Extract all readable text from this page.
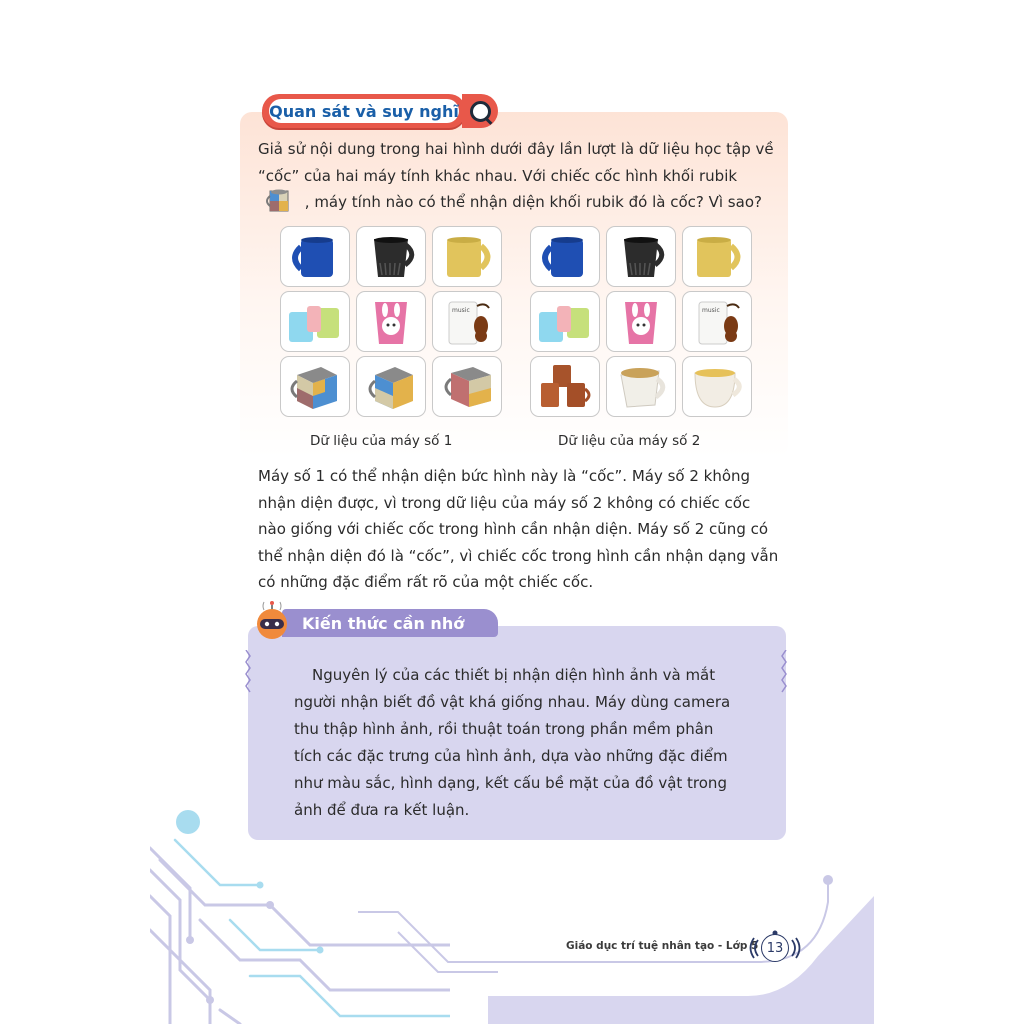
Quan sát và suy nghĩ
Giả sử nội dung trong hai hình dưới đây lần lượt là dữ liệu học tập về “cốc” của hai máy tính khác nhau. Với chiếc cốc hình khối rubik  , máy tính nào có thể nhận diện khối rubik đó là cốc? Vì sao?
music
Dữ liệu của máy số 1
music
Dữ liệu của máy số 2
Máy số 1 có thể nhận diện bức hình này là “cốc”. Máy số 2 không nhận diện được, vì trong dữ liệu của máy số 2 không có chiếc cốc nào giống với chiếc cốc trong hình cần nhận diện. Máy số 2 cũng có thể nhận diện đó là “cốc”, vì chiếc cốc trong hình cần nhận dạng vẫn có những đặc điểm rất rõ của một chiếc cốc.
Kiến thức cần nhớ
Nguyên lý của các thiết bị nhận diện hình ảnh và mắt người nhận biết đồ vật khá giống nhau. Máy dùng camera thu thập hình ảnh, rồi thuật toán trong phần mềm phân tích các đặc trưng của hình ảnh, dựa vào những đặc điểm như màu sắc, hình dạng, kết cấu bề mặt của đồ vật trong ảnh để đưa ra kết luận.
Giáo dục trí tuệ nhân tạo - Lớp 5 13
